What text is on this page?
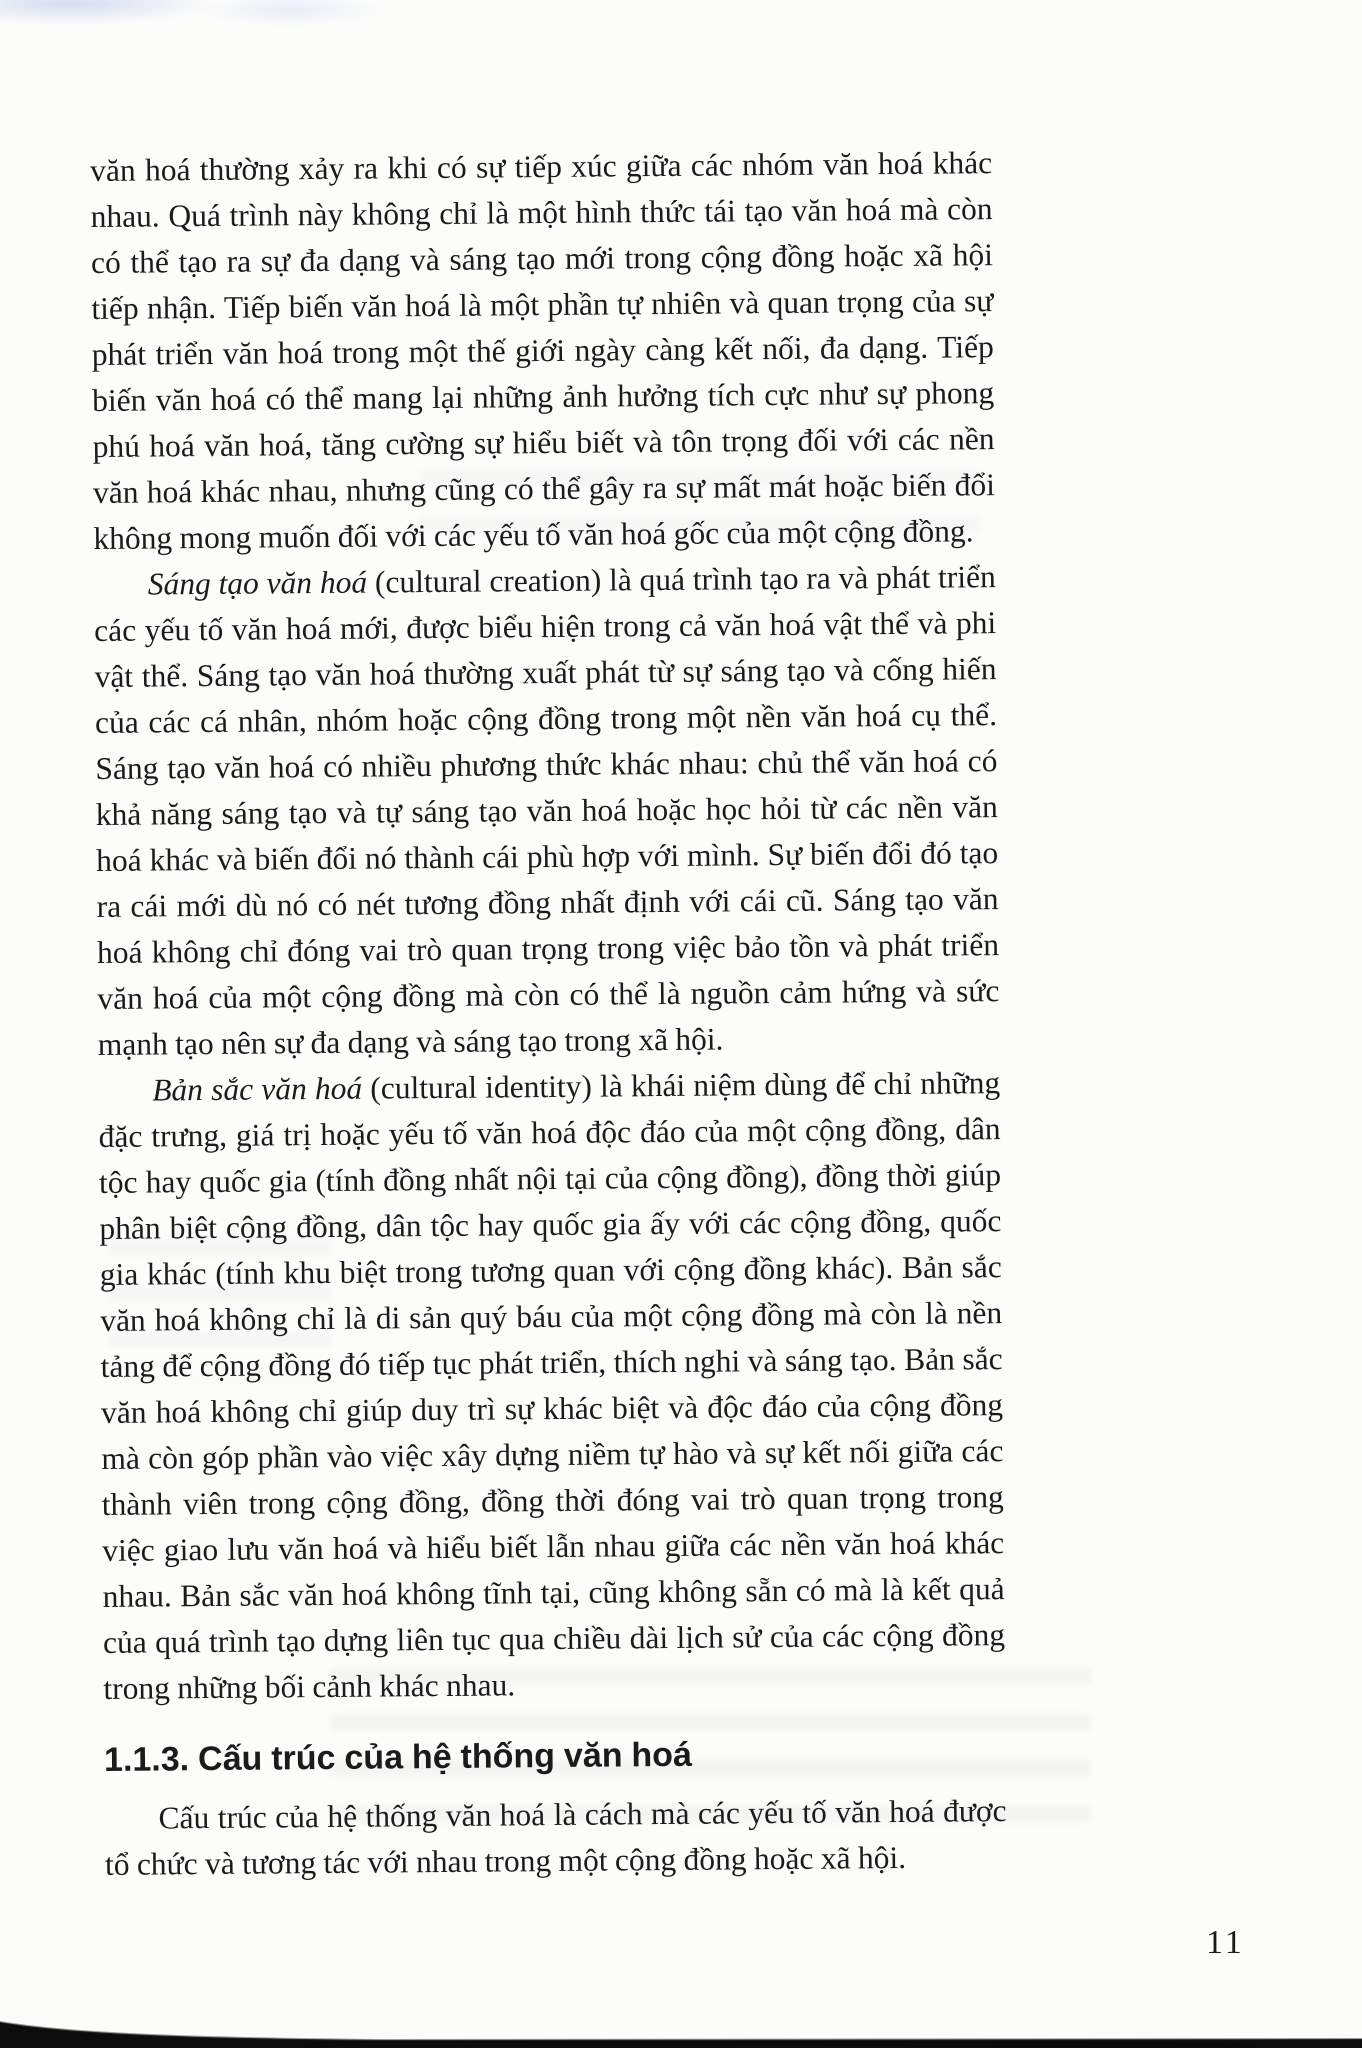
văn hoá thường xảy ra khi có sự tiếp xúc giữa các nhóm văn hoá khác nhau. Quá trình này không chỉ là một hình thức tái tạo văn hoá mà còn có thể tạo ra sự đa dạng và sáng tạo mới trong cộng đồng hoặc xã hội tiếp nhận. Tiếp biến văn hoá là một phần tự nhiên và quan trọng của sự phát triển văn hoá trong một thế giới ngày càng kết nối, đa dạng. Tiếp biến văn hoá có thể mang lại những ảnh hưởng tích cực như sự phong phú hoá văn hoá, tăng cường sự hiểu biết và tôn trọng đối với các nền văn hoá khác nhau, nhưng cũng có thể gây ra sự mất mát hoặc biến đổi không mong muốn đối với các yếu tố văn hoá gốc của một cộng đồng.

Sáng tạo văn hoá (cultural creation) là quá trình tạo ra và phát triển các yếu tố văn hoá mới, được biểu hiện trong cả văn hoá vật thể và phi vật thể. Sáng tạo văn hoá thường xuất phát từ sự sáng tạo và cống hiến của các cá nhân, nhóm hoặc cộng đồng trong một nền văn hoá cụ thể. Sáng tạo văn hoá có nhiều phương thức khác nhau: chủ thể văn hoá có khả năng sáng tạo và tự sáng tạo văn hoá hoặc học hỏi từ các nền văn hoá khác và biến đổi nó thành cái phù hợp với mình. Sự biến đổi đó tạo ra cái mới dù nó có nét tương đồng nhất định với cái cũ. Sáng tạo văn hoá không chỉ đóng vai trò quan trọng trong việc bảo tồn và phát triển văn hoá của một cộng đồng mà còn có thể là nguồn cảm hứng và sức mạnh tạo nên sự đa dạng và sáng tạo trong xã hội.

Bản sắc văn hoá (cultural identity) là khái niệm dùng để chỉ những đặc trưng, giá trị hoặc yếu tố văn hoá độc đáo của một cộng đồng, dân tộc hay quốc gia (tính đồng nhất nội tại của cộng đồng), đồng thời giúp phân biệt cộng đồng, dân tộc hay quốc gia ấy với các cộng đồng, quốc gia khác (tính khu biệt trong tương quan với cộng đồng khác). Bản sắc văn hoá không chỉ là di sản quý báu của một cộng đồng mà còn là nền tảng để cộng đồng đó tiếp tục phát triển, thích nghi và sáng tạo. Bản sắc văn hoá không chỉ giúp duy trì sự khác biệt và độc đáo của cộng đồng mà còn góp phần vào việc xây dựng niềm tự hào và sự kết nối giữa các thành viên trong cộng đồng, đồng thời đóng vai trò quan trọng trong việc giao lưu văn hoá và hiểu biết lẫn nhau giữa các nền văn hoá khác nhau. Bản sắc văn hoá không tĩnh tại, cũng không sẵn có mà là kết quả của quá trình tạo dựng liên tục qua chiều dài lịch sử của các cộng đồng trong những bối cảnh khác nhau.

1.1.3. Cấu trúc của hệ thống văn hoá

Cấu trúc của hệ thống văn hoá là cách mà các yếu tố văn hoá được tổ chức và tương tác với nhau trong một cộng đồng hoặc xã hội.

11
